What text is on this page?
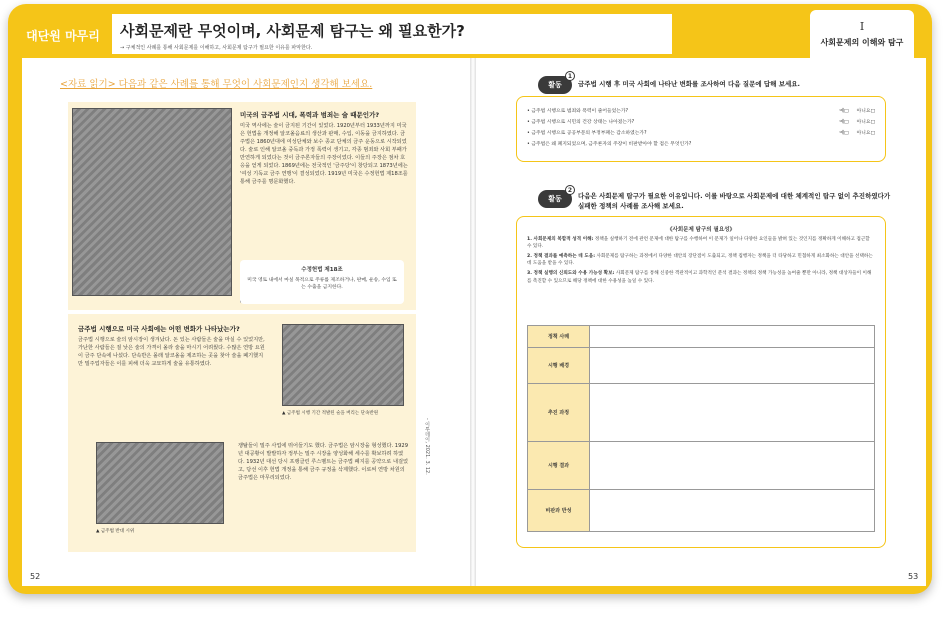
대단원 마무리 사회문제란 무엇이며, 사회문제 탐구는 왜 필요한가?

→ 구체적인 사례를 통해 사회문제를 이해하고, 사회문제 탐구가 필요한 이유를 파악한다.

I
사회문제의 이해와 탐구
<자료 읽기> 다음과 같은 사례를 통해 무엇이 사회문제인지 생각해 보세요.
미국의 금주법 시대, 폭력과 범죄는 술 때문인가?
미국 역사에는 술이 금지된 기간이 있었다. 1920년부터 1933년까지 미국은 헌법을 개정해 알코올음료의 생산과 판매, 수입, 이동을 금지하였다. 금주법은 1860년대에 여성단체와 보수 종교 단체의 금주 운동으로 시작되었다. 술로 인해 알코올 중독과 가정 폭력이 생기고, 각종 범죄와 사회 부패가 만연하게 되었다는 것이 금주론자들의 주장이었다. 이들의 주장은 점차 호응을 얻게 되었다. 1869년에는 전국적인 '금주당'이 창당되고 1873년에는 '여성 기독교 금주 연맹'이 결성되었다. 1919년 미국은 수정헌법 제18조를 통해 금주를 명문화했다.
수정헌법 제18조
미국 영토 내에서 마실 목적으로 주류를 제조하거나, 판매, 운송, 수입 또는 수출을 금지한다.
금주법 시행으로 미국 사회에는 어떤 변화가 나타났는가?
금주법 시행으로 술의 암시장이 생겨났다. 돈 있는 사람들은 술을 마실 수 있었지만, 가난한 사람들은 질 낮은 술의 가격이 올라 술을 마시기 어려웠다. 수많은 연방 요원이 금주 단속에 나섰다. 단속반은 몰래 알코올을 제조하는 곳을 찾아 술을 폐기했지만 밀주업자들은 이를 피해 더욱 교묘하게 술을 유통하였다.
▲ 금주법 시행 기간 적발된 술을 버리는 단속반원
▲ 금주법 반대 시위
쟁탈들이 밀주 사업에 뛰어들기도 했다. 금주법은 암시장을 형성했다. 1929년 대공황이 발발하자 정부는 밀주 시장을 양성화해 세수를 확보하려 하였다. 1932년 대선 당시 프랭클린 루스벨트는 금주법 폐지를 공약으로 내걸었고, 당선 이후 헌법 개정을 통해 금주 규정을 삭제했다. 이로써 연방 차원의 금주법은 마무리되었다.
- 이투데이, 2021. 3. 12.
52
활동
1
금주법 시행 후 미국 사회에 나타난 변화를 조사하여 다음 질문에 답해 보세요.
• 금주법 시행으로 범죄와 폭력이 줄어들었는가?	예□ 아니요□
• 금주법 시행으로 시민의 건강 상태는 나아졌는가?	예□ 아니요□
• 금주법 시행으로 공공부문의 부정부패는 감소하였는가?	예□ 아니요□
• 금주법은 왜 폐지되었으며, 금주론자의 주장이 비판받아야 할 점은 무엇인가?
활동
2
다음은 사회문제 탐구가 필요한 이유입니다. 이를 바탕으로 사회문제에 대한 체계적인 탐구 없이 추진하였다가 실패한 정책의 사례를 조사해 보세요.
《사회문제 탐구의 필요성》
1. 사회문제의 복합적 성격 이해: 정책을 실행하기 전에 관련 문제에 대한 탐구를 수행하여 이 문제가 일어나 다양한 요인들을 밝혀 있는 것인지를 정확하게 이해하고 접근할 수 있다.
2. 정책 결과를 예측하는 데 도움: 사회문제를 탐구하는 과정에서 다양한 대안의 장단점이 도출되고, 정책 집행자는 정책을 더 타당하고 민첩하게 최소화하는 대안을 선택하는 데 도움을 받을 수 있다.
3. 정책 실행의 신뢰도와 수용 가능성 확보: 사회문제 탐구를 통해 신중한 객관적이고 과학적인 분석 결과는 정책의 정책 가능성을 높여줄 뿐만 아니라, 정책 대상자들이 이해를 촉진할 수 있으므로 해당 정책에 대한 수용성을 높일 수 있다.
정책 사례	
시행 배경	
추진 과정	
시행 결과	
비판과 반성	
53
